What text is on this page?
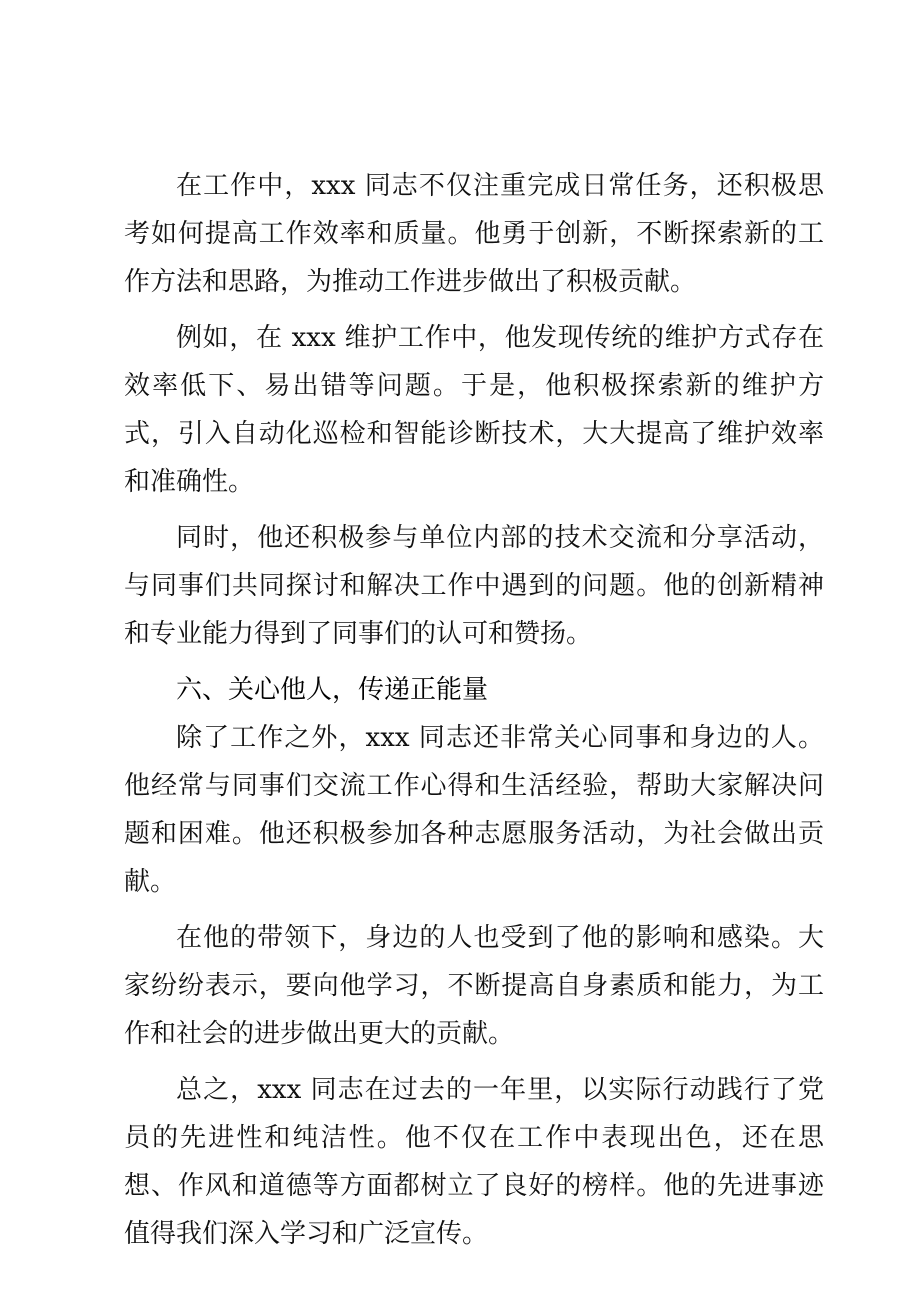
在工作中，xxx 同志不仅注重完成日常任务，还积极思考如何提高工作效率和质量。他勇于创新，不断探索新的工作方法和思路，为推动工作进步做出了积极贡献。

例如，在 xxx 维护工作中，他发现传统的维护方式存在效率低下、易出错等问题。于是，他积极探索新的维护方式，引入自动化巡检和智能诊断技术，大大提高了维护效率和准确性。

同时，他还积极参与单位内部的技术交流和分享活动，与同事们共同探讨和解决工作中遇到的问题。他的创新精神和专业能力得到了同事们的认可和赞扬。

六、关心他人，传递正能量

除了工作之外，xxx 同志还非常关心同事和身边的人。他经常与同事们交流工作心得和生活经验，帮助大家解决问题和困难。他还积极参加各种志愿服务活动，为社会做出贡献。

在他的带领下，身边的人也受到了他的影响和感染。大家纷纷表示，要向他学习，不断提高自身素质和能力，为工作和社会的进步做出更大的贡献。

总之，xxx 同志在过去的一年里，以实际行动践行了党员的先进性和纯洁性。他不仅在工作中表现出色，还在思想、作风和道德等方面都树立了良好的榜样。他的先进事迹值得我们深入学习和广泛宣传。
